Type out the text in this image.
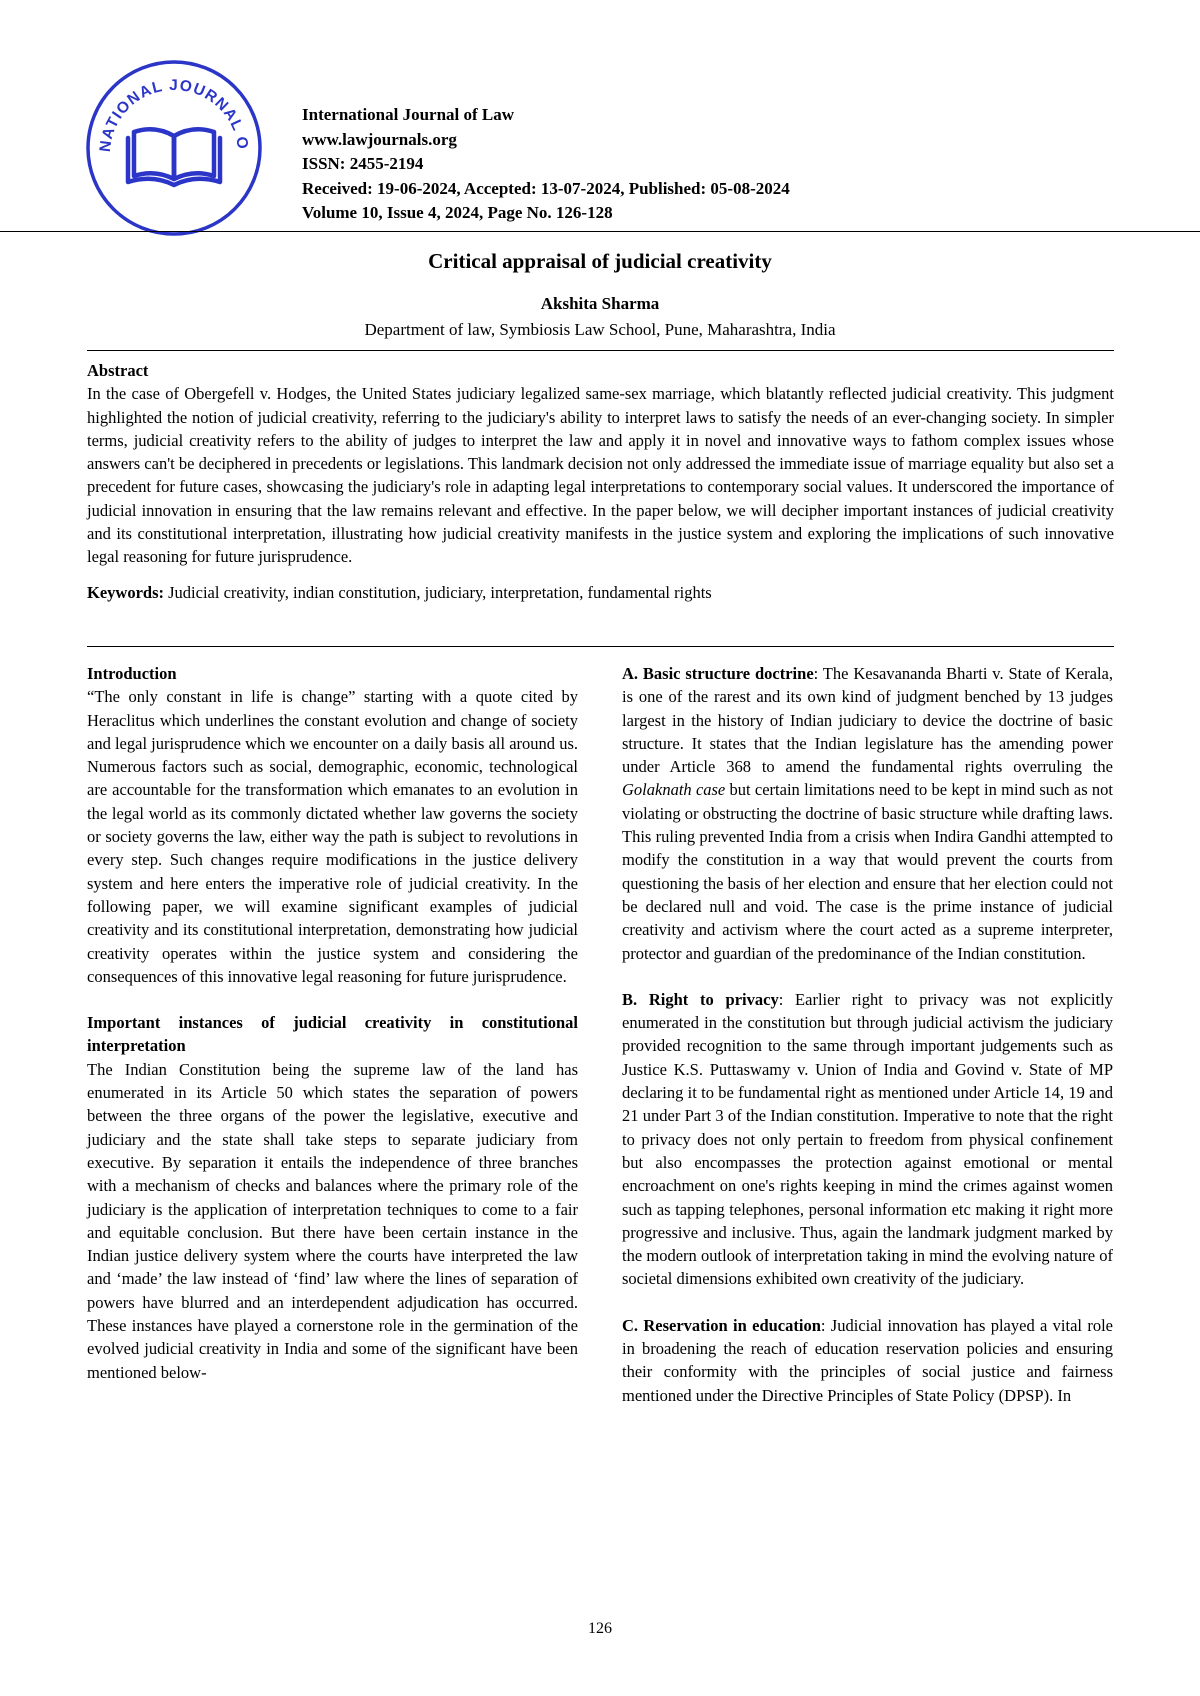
NATIONAL JOURNAL O
International Journal of Law
www.lawjournals.org
ISSN: 2455-2194
Received: 19-06-2024, Accepted: 13-07-2024, Published: 05-08-2024
Volume 10, Issue 4, 2024, Page No. 126-128
Critical appraisal of judicial creativity
Akshita Sharma
Department of law, Symbiosis Law School, Pune, Maharashtra, India
Abstract
In the case of Obergefell v. Hodges, the United States judiciary legalized same-sex marriage, which blatantly reflected judicial creativity. This judgment highlighted the notion of judicial creativity, referring to the judiciary's ability to interpret laws to satisfy the needs of an ever-changing society. In simpler terms, judicial creativity refers to the ability of judges to interpret the law and apply it in novel and innovative ways to fathom complex issues whose answers can't be deciphered in precedents or legislations. This landmark decision not only addressed the immediate issue of marriage equality but also set a precedent for future cases, showcasing the judiciary's role in adapting legal interpretations to contemporary social values. It underscored the importance of judicial innovation in ensuring that the law remains relevant and effective. In the paper below, we will decipher important instances of judicial creativity and its constitutional interpretation, illustrating how judicial creativity manifests in the justice system and exploring the implications of such innovative legal reasoning for future jurisprudence.
Keywords: Judicial creativity, indian constitution, judiciary, interpretation, fundamental rights

Introduction

“The only constant in life is change” starting with a quote cited by Heraclitus which underlines the constant evolution and change of society and legal jurisprudence which we encounter on a daily basis all around us. Numerous factors such as social, demographic, economic, technological are accountable for the transformation which emanates to an evolution in the legal world as its commonly dictated whether law governs the society or society governs the law, either way the path is subject to revolutions in every step. Such changes require modifications in the justice delivery system and here enters the imperative role of judicial creativity. In the following paper, we will examine significant examples of judicial creativity and its constitutional interpretation, demonstrating how judicial creativity operates within the justice system and considering the consequences of this innovative legal reasoning for future jurisprudence.

Important instances of judicial creativity in constitutional interpretation

The Indian Constitution being the supreme law of the land has enumerated in its Article 50 which states the separation of powers between the three organs of the power the legislative, executive and judiciary and the state shall take steps to separate judiciary from executive. By separation it entails the independence of three branches with a mechanism of checks and balances where the primary role of the judiciary is the application of interpretation techniques to come to a fair and equitable conclusion. But there have been certain instance in the Indian justice delivery system where the courts have interpreted the law and ‘made’ the law instead of ‘find’ law where the lines of separation of powers have blurred and an interdependent adjudication has occurred. These instances have played a cornerstone role in the germination of the evolved judicial creativity in India and some of the significant have been mentioned below-

A. Basic structure doctrine: The Kesavananda Bharti v. State of Kerala, is one of the rarest and its own kind of judgment benched by 13 judges largest in the history of Indian judiciary to device the doctrine of basic structure. It states that the Indian legislature has the amending power under Article 368 to amend the fundamental rights overruling the Golaknath case but certain limitations need to be kept in mind such as not violating or obstructing the doctrine of basic structure while drafting laws. This ruling prevented India from a crisis when Indira Gandhi attempted to modify the constitution in a way that would prevent the courts from questioning the basis of her election and ensure that her election could not be declared null and void. The case is the prime instance of judicial creativity and activism where the court acted as a supreme interpreter, protector and guardian of the predominance of the Indian constitution.

B. Right to privacy: Earlier right to privacy was not explicitly enumerated in the constitution but through judicial activism the judiciary provided recognition to the same through important judgements such as Justice K.S. Puttaswamy v. Union of India and Govind v. State of MP declaring it to be fundamental right as mentioned under Article 14, 19 and 21 under Part 3 of the Indian constitution. Imperative to note that the right to privacy does not only pertain to freedom from physical confinement but also encompasses the protection against emotional or mental encroachment on one's rights keeping in mind the crimes against women such as tapping telephones, personal information etc making it right more progressive and inclusive. Thus, again the landmark judgment marked by the modern outlook of interpretation taking in mind the evolving nature of societal dimensions exhibited own creativity of the judiciary.

C. Reservation in education: Judicial innovation has played a vital role in broadening the reach of education reservation policies and ensuring their conformity with the principles of social justice and fairness mentioned under the Directive Principles of State Policy (DPSP). In

126
